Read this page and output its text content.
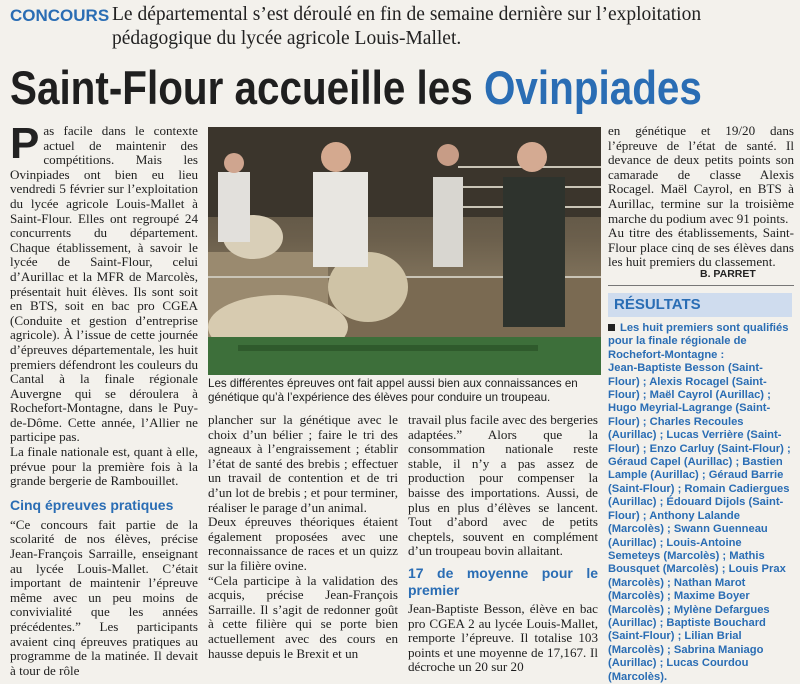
CONCOURS Le départemental s’est déroulé en fin de semaine dernière sur l’exploitation pédagogique du lycée agricole Louis-Mallet.
Saint-Flour accueille les Ovinpiades

Pas facile dans le contexte actuel de maintenir des compétitions. Mais les Ovinpiades ont bien eu lieu vendredi 5 février sur l’exploitation du lycée agricole Louis-Mallet à Saint-Flour. Elles ont regroupé 24 concurrents du département. Chaque établissement, à savoir le lycée de Saint-Flour, celui d’Aurillac et la MFR de Marcolès, présentait huit élèves. Ils sont soit en BTS, soit en bac pro CGEA (Conduite et gestion d’entreprise agricole). À l’issue de cette journée d’épreuves départementale, les huit premiers défendront les couleurs du Cantal à la finale régionale Auvergne qui se déroulera à Rochefort-Montagne, dans le Puy-de-Dôme. Cette année, l’Allier ne participe pas.

La finale nationale est, quant à elle, prévue pour la première fois à la grande bergerie de Rambouillet.

Cinq épreuves pratiques

“Ce concours fait partie de la scolarité de nos élèves, précise Jean-François Sarraille, enseignant au lycée Louis-Mallet. C’était important de maintenir l’épreuve même avec un peu moins de convivialité que les années précédentes.” Les participants avaient cinq épreuves pratiques au programme de la matinée. Il devait à tour de rôle

Les différentes épreuves ont fait appel aussi bien aux connaissances en génétique qu’à l’expérience des élèves pour conduire un troupeau.

plancher sur la génétique avec le choix d’un bélier ; faire le tri des agneaux à l’engraissement ; établir l’état de santé des brebis ; effectuer un travail de contention et de tri d’un lot de brebis ; et pour terminer, réaliser le parage d’un animal.

Deux épreuves théoriques étaient également proposées avec une reconnaissance de races et un quizz sur la filière ovine.

“Cela participe à la validation des acquis, précise Jean-François Sarraille. Il s’agit de redonner goût à cette filière qui se porte bien actuellement avec des cours en hausse depuis le Brexit et un

travail plus facile avec des bergeries adaptées.” Alors que la consommation nationale reste stable, il n’y a pas assez de production pour compenser la baisse des importations. Aussi, de plus en plus d’élèves se lancent. Tout d’abord avec de petits cheptels, souvent en complément d’un troupeau bovin allaitant.

17 de moyenne pour le premier

Jean-Baptiste Besson, élève en bac pro CGEA 2 au lycée Louis-Mallet, remporte l’épreuve. Il totalise 103 points et une moyenne de 17,167. Il décroche un 20 sur 20

en génétique et 19/20 dans l’épreuve de l’état de santé. Il devance de deux petits points son camarade de classe Alexis Rocagel. Maël Cayrol, en BTS à Aurillac, termine sur la troisième marche du podium avec 91 points.

Au titre des établissements, Saint-Flour place cinq de ses élèves dans les huit premiers du classement.

B. PARRET
RÉSULTATS
Les huit premiers sont qualifiés pour la finale régionale de Rochefort-Montagne :
Jean-Baptiste Besson (Saint-Flour) ; Alexis Rocagel (Saint-Flour) ; Maël Cayrol (Aurillac) ; Hugo Meyrial-Lagrange (Saint-Flour) ; Charles Recoules (Aurillac) ; Lucas Verrière (Saint-Flour) ; Enzo Carluy (Saint-Flour) ; Géraud Capel (Aurillac) ; Bastien Lample (Aurillac) ; Géraud Barrie (Saint-Flour) ; Romain Cadiergues (Aurillac) ; Édouard Dijols (Saint-Flour) ; Anthony Lalande (Marcolès) ; Swann Guenneau (Aurillac) ; Louis-Antoine Semeteys (Marcolès) ; Mathis Bousquet (Marcolès) ; Louis Prax (Marcolès) ; Nathan Marot (Marcolès) ; Maxime Boyer (Marcolès) ; Mylène Defargues (Aurillac) ; Baptiste Bouchard (Saint-Flour) ; Lilian Brial (Marcolès) ; Sabrina Maniago (Aurillac) ; Lucas Courdou (Marcolès).
